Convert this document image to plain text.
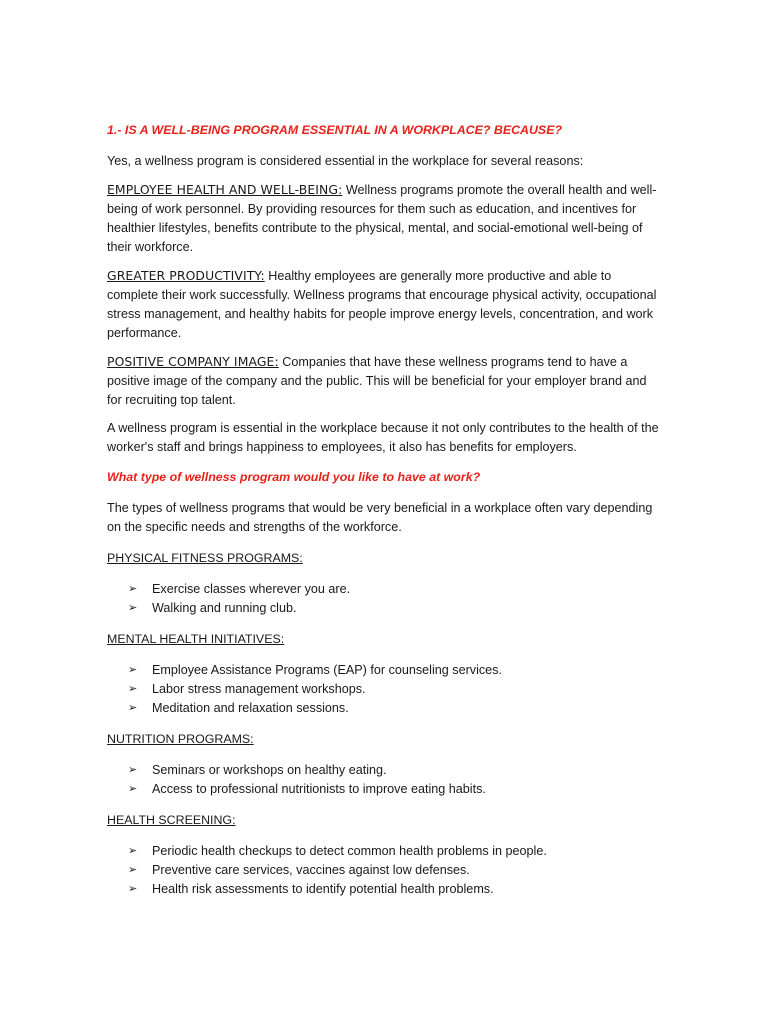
1.- IS A WELL-BEING PROGRAM ESSENTIAL IN A WORKPLACE? BECAUSE?

Yes, a wellness program is considered essential in the workplace for several reasons:

EMPLOYEE HEALTH AND WELL-BEING: Wellness programs promote the overall health and well-being of work personnel. By providing resources for them such as education, and incentives for healthier lifestyles, benefits contribute to the physical, mental, and social-emotional well-being of their workforce.

GREATER PRODUCTIVITY: Healthy employees are generally more productive and able to complete their work successfully. Wellness programs that encourage physical activity, occupational stress management, and healthy habits for people improve energy levels, concentration, and work performance.

POSITIVE COMPANY IMAGE: Companies that have these wellness programs tend to have a positive image of the company and the public. This will be beneficial for your employer brand and for recruiting top talent.

A wellness program is essential in the workplace because it not only contributes to the health of the worker's staff and brings happiness to employees, it also has benefits for employers.

What type of wellness program would you like to have at work?

The types of wellness programs that would be very beneficial in a workplace often vary depending on the specific needs and strengths of the workforce.

PHYSICAL FITNESS PROGRAMS:
➢ Exercise classes wherever you are.
➢ Walking and running club.
MENTAL HEALTH INITIATIVES:
➢ Employee Assistance Programs (EAP) for counseling services.
➢ Labor stress management workshops.
➢ Meditation and relaxation sessions.
NUTRITION PROGRAMS:
➢ Seminars or workshops on healthy eating.
➢ Access to professional nutritionists to improve eating habits.
HEALTH SCREENING:
➢ Periodic health checkups to detect common health problems in people.
➢ Preventive care services, vaccines against low defenses.
➢ Health risk assessments to identify potential health problems.
